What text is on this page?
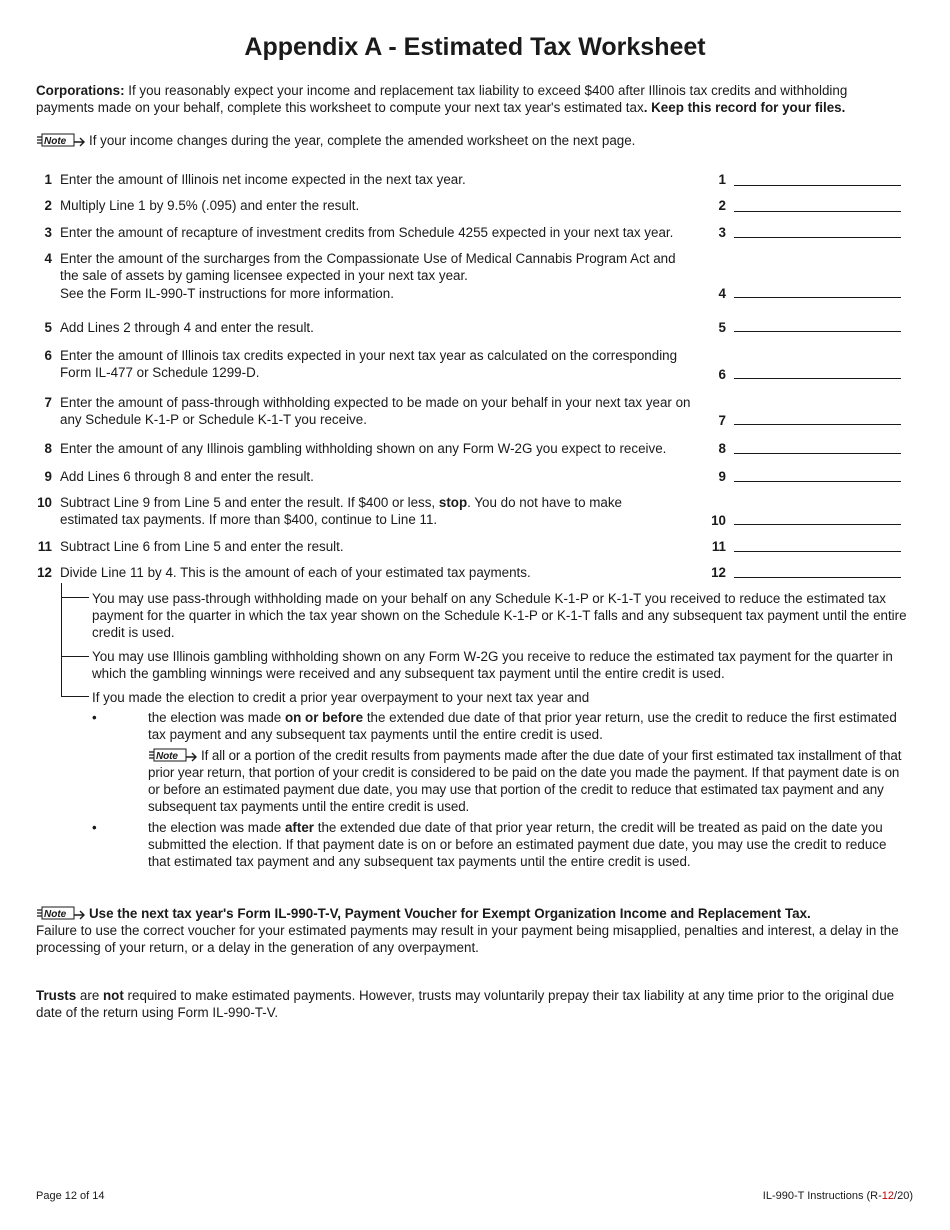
Appendix A - Estimated Tax Worksheet
Corporations: If you reasonably expect your income and replacement tax liability to exceed $400 after Illinois tax credits and withholding payments made on your behalf, complete this worksheet to compute your next tax year's estimated tax. Keep this record for your files.
Note If your income changes during the year, complete the amended worksheet on the next page.
1 Enter the amount of Illinois net income expected in the next tax year.	1
2 Multiply Line 1 by 9.5% (.095) and enter the result.	2
3 Enter the amount of recapture of investment credits from Schedule 4255 expected in your next tax year.	3
4 Enter the amount of the surcharges from the Compassionate Use of Medical Cannabis Program Act and the sale of assets by gaming licensee expected in your next tax year.
See the Form IL-990-T instructions for more information.	4
5 Add Lines 2 through 4 and enter the result.	5
6 Enter the amount of Illinois tax credits expected in your next tax year as calculated on the corresponding Form IL-477 or Schedule 1299-D.	6
7 Enter the amount of pass-through withholding expected to be made on your behalf in your next tax year on any Schedule K-1-P or Schedule K-1-T you receive.	7
8 Enter the amount of any Illinois gambling withholding shown on any Form W-2G you expect to receive.	8
9 Add Lines 6 through 8 and enter the result.	9
10 Subtract Line 9 from Line 5 and enter the result. If $400 or less, stop. You do not have to make estimated tax payments. If more than $400, continue to Line 11.	10
11 Subtract Line 6 from Line 5 and enter the result.	11
12 Divide Line 11 by 4. This is the amount of each of your estimated tax payments.	12
You may use pass-through withholding made on your behalf on any Schedule K-1-P or K-1-T you received to reduce the estimated tax payment for the quarter in which the tax year shown on the Schedule K-1-P or K-1-T falls and any subsequent tax payment until the entire credit is used.
You may use Illinois gambling withholding shown on any Form W-2G you receive to reduce the estimated tax payment for the quarter in which the gambling winnings were received and any subsequent tax payment until the entire credit is used.
If you made the election to credit a prior year overpayment to your next tax year and
•	the election was made on or before the extended due date of that prior year return, use the credit to reduce the first estimated tax payment and any subsequent tax payments until the entire credit is used.
Note If all or a portion of the credit results from payments made after the due date of your first estimated tax installment of that prior year return, that portion of your credit is considered to be paid on the date you made the payment. If that payment date is on or before an estimated payment due date, you may use that portion of the credit to reduce that estimated tax payment and any subsequent tax payments until the entire credit is used.
•	the election was made after the extended due date of that prior year return, the credit will be treated as paid on the date you submitted the election. If that payment date is on or before an estimated payment due date, you may use the credit to reduce that estimated tax payment and any subsequent tax payments until the entire credit is used.
Note Use the next tax year's Form IL-990-T-V, Payment Voucher for Exempt Organization Income and Replacement Tax.
Failure to use the correct voucher for your estimated payments may result in your payment being misapplied, penalties and interest, a delay in the processing of your return, or a delay in the generation of any overpayment.
Trusts are not required to make estimated payments. However, trusts may voluntarily prepay their tax liability at any time prior to the original due date of the return using Form IL-990-T-V.
Page 12 of 14	IL-990-T Instructions (R-12/20)
